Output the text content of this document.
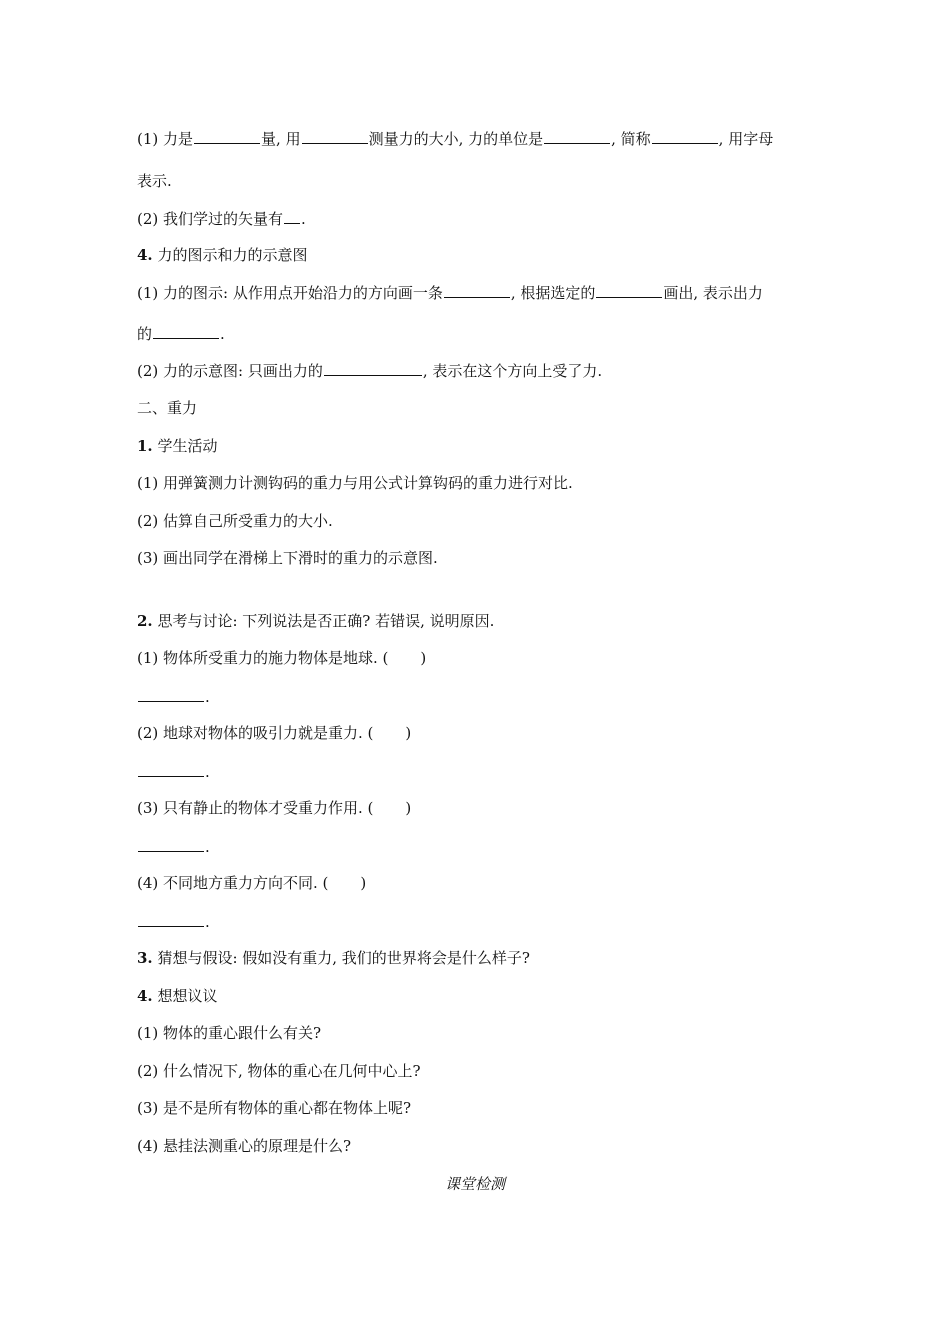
(1) 力是	量, 用	测量力的大小, 力的单位是	, 简称	, 用字母
表示.
(2) 我们学过的矢量有 .
4. 力的图示和力的示意图
(1) 力的图示: 从作用点开始沿力的方向画一条	, 根据选定的	画出, 表示出力
的	.
(2) 力的示意图: 只画出力的	, 表示在这个方向上受了力.
二、重力
1. 学生活动
(1) 用弹簧测力计测钩码的重力与用公式计算钩码的重力进行对比.
(2) 估算自己所受重力的大小.
(3) 画出同学在滑梯上下滑时的重力的示意图.
2. 思考与讨论: 下列说法是否正确? 若错误, 说明原因.
(1) 物体所受重力的施力物体是地球. ( )
.
(2) 地球对物体的吸引力就是重力. ( )
.
(3) 只有静止的物体才受重力作用. ( )
.
(4) 不同地方重力方向不同. ( )
.
3. 猜想与假设: 假如没有重力, 我们的世界将会是什么样子?
4. 想想议议
(1) 物体的重心跟什么有关?
(2) 什么情况下, 物体的重心在几何中心上?
(3) 是不是所有物体的重心都在物体上呢?
(4) 悬挂法测重心的原理是什么?
课堂检测
